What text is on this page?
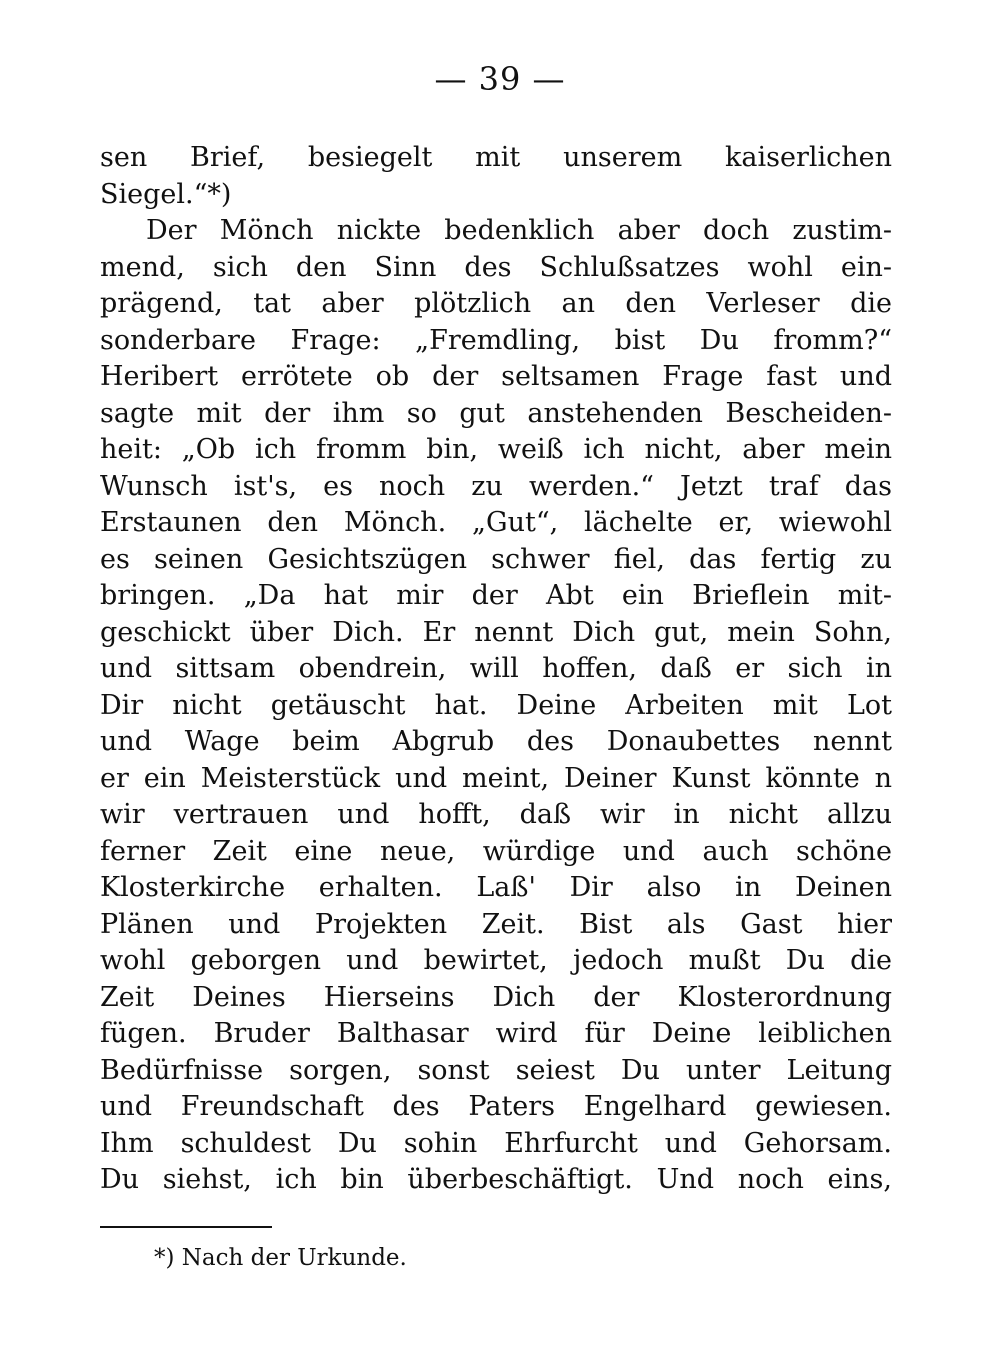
— 39 —
sen Brief, besiegelt mit unserem kaiserlichen
Siegel.“*)
Der Mönch nickte bedenklich aber doch zustim-
mend, sich den Sinn des Schlußsatzes wohl ein-
prägend, tat aber plötzlich an den Verleser die
sonderbare Frage: „Fremdling, bist Du fromm?“
Heribert errötete ob der seltsamen Frage fast und
sagte mit der ihm so gut anstehenden Bescheiden-
heit: „Ob ich fromm bin, weiß ich nicht, aber mein
Wunsch ist's, es noch zu werden.“ Jetzt traf das
Erstaunen den Mönch. „Gut“, lächelte er, wiewohl
es seinen Gesichtszügen schwer fiel, das fertig zu
bringen. „Da hat mir der Abt ein Brieflein mit-
geschickt über Dich. Er nennt Dich gut, mein Sohn,
und sittsam obendrein, will hoffen, daß er sich in
Dir nicht getäuscht hat. Deine Arbeiten mit Lot
und Wage beim Abgrub des Donaubettes nennt
er ein Meisterstück und meint, Deiner Kunst könnte n
wir vertrauen und hofft, daß wir in nicht allzu
ferner Zeit eine neue, würdige und auch schöne
Klosterkirche erhalten. Laß' Dir also in Deinen
Plänen und Projekten Zeit. Bist als Gast hier
wohl geborgen und bewirtet, jedoch mußt Du die
Zeit Deines Hierseins Dich der Klosterordnung
fügen. Bruder Balthasar wird für Deine leiblichen
Bedürfnisse sorgen, sonst seiest Du unter Leitung
und Freundschaft des Paters Engelhard gewiesen.
Ihm schuldest Du sohin Ehrfurcht und Gehorsam.
Du siehst, ich bin überbeschäftigt. Und noch eins,
*) Nach der Urkunde.
